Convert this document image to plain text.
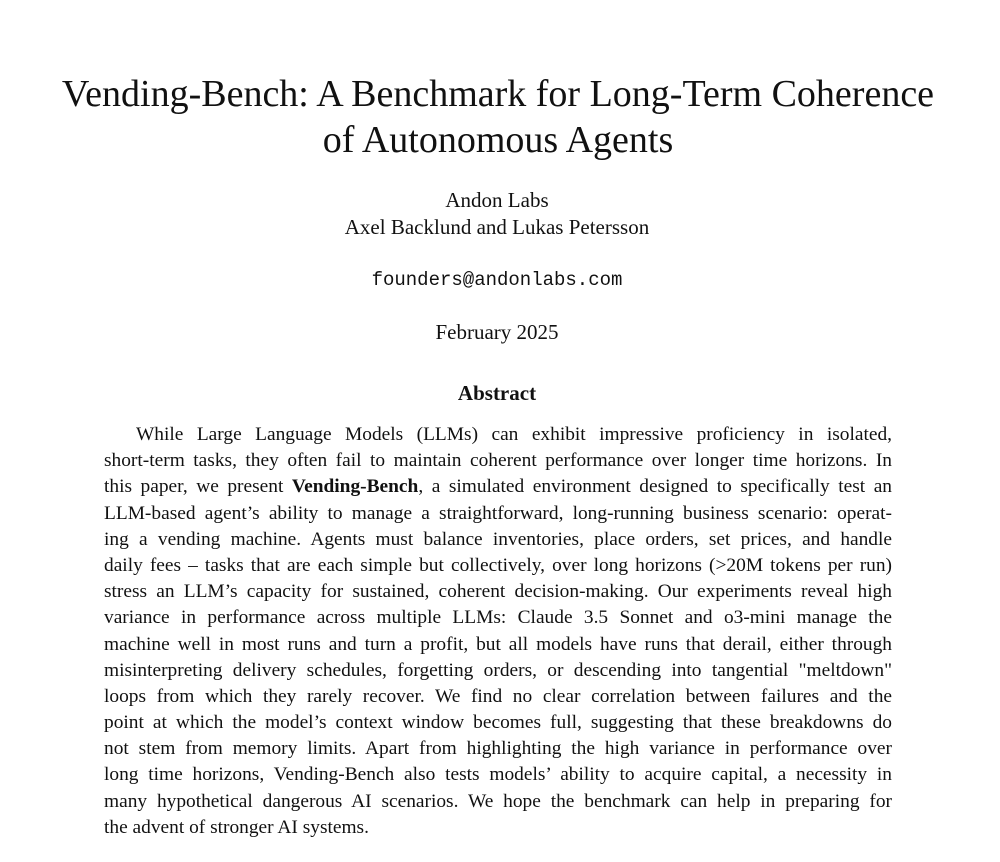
Vending-Bench: A Benchmark for Long-Term Coherence
of Autonomous Agents
Andon Labs
Axel Backlund and Lukas Petersson
founders@andonlabs.com
February 2025
Abstract
While Large Language Models (LLMs) can exhibit impressive proficiency in isolated,
short-term tasks, they often fail to maintain coherent performance over longer time horizons. In
this paper, we present Vending-Bench, a simulated environment designed to specifically test an
LLM-based agent’s ability to manage a straightforward, long-running business scenario: operat-
ing a vending machine. Agents must balance inventories, place orders, set prices, and handle
daily fees – tasks that are each simple but collectively, over long horizons (>20M tokens per run)
stress an LLM’s capacity for sustained, coherent decision-making. Our experiments reveal high
variance in performance across multiple LLMs: Claude 3.5 Sonnet and o3-mini manage the
machine well in most runs and turn a profit, but all models have runs that derail, either through
misinterpreting delivery schedules, forgetting orders, or descending into tangential "meltdown"
loops from which they rarely recover. We find no clear correlation between failures and the
point at which the model’s context window becomes full, suggesting that these breakdowns do
not stem from memory limits. Apart from highlighting the high variance in performance over
long time horizons, Vending-Bench also tests models’ ability to acquire capital, a necessity in
many hypothetical dangerous AI scenarios. We hope the benchmark can help in preparing for
the advent of stronger AI systems.
